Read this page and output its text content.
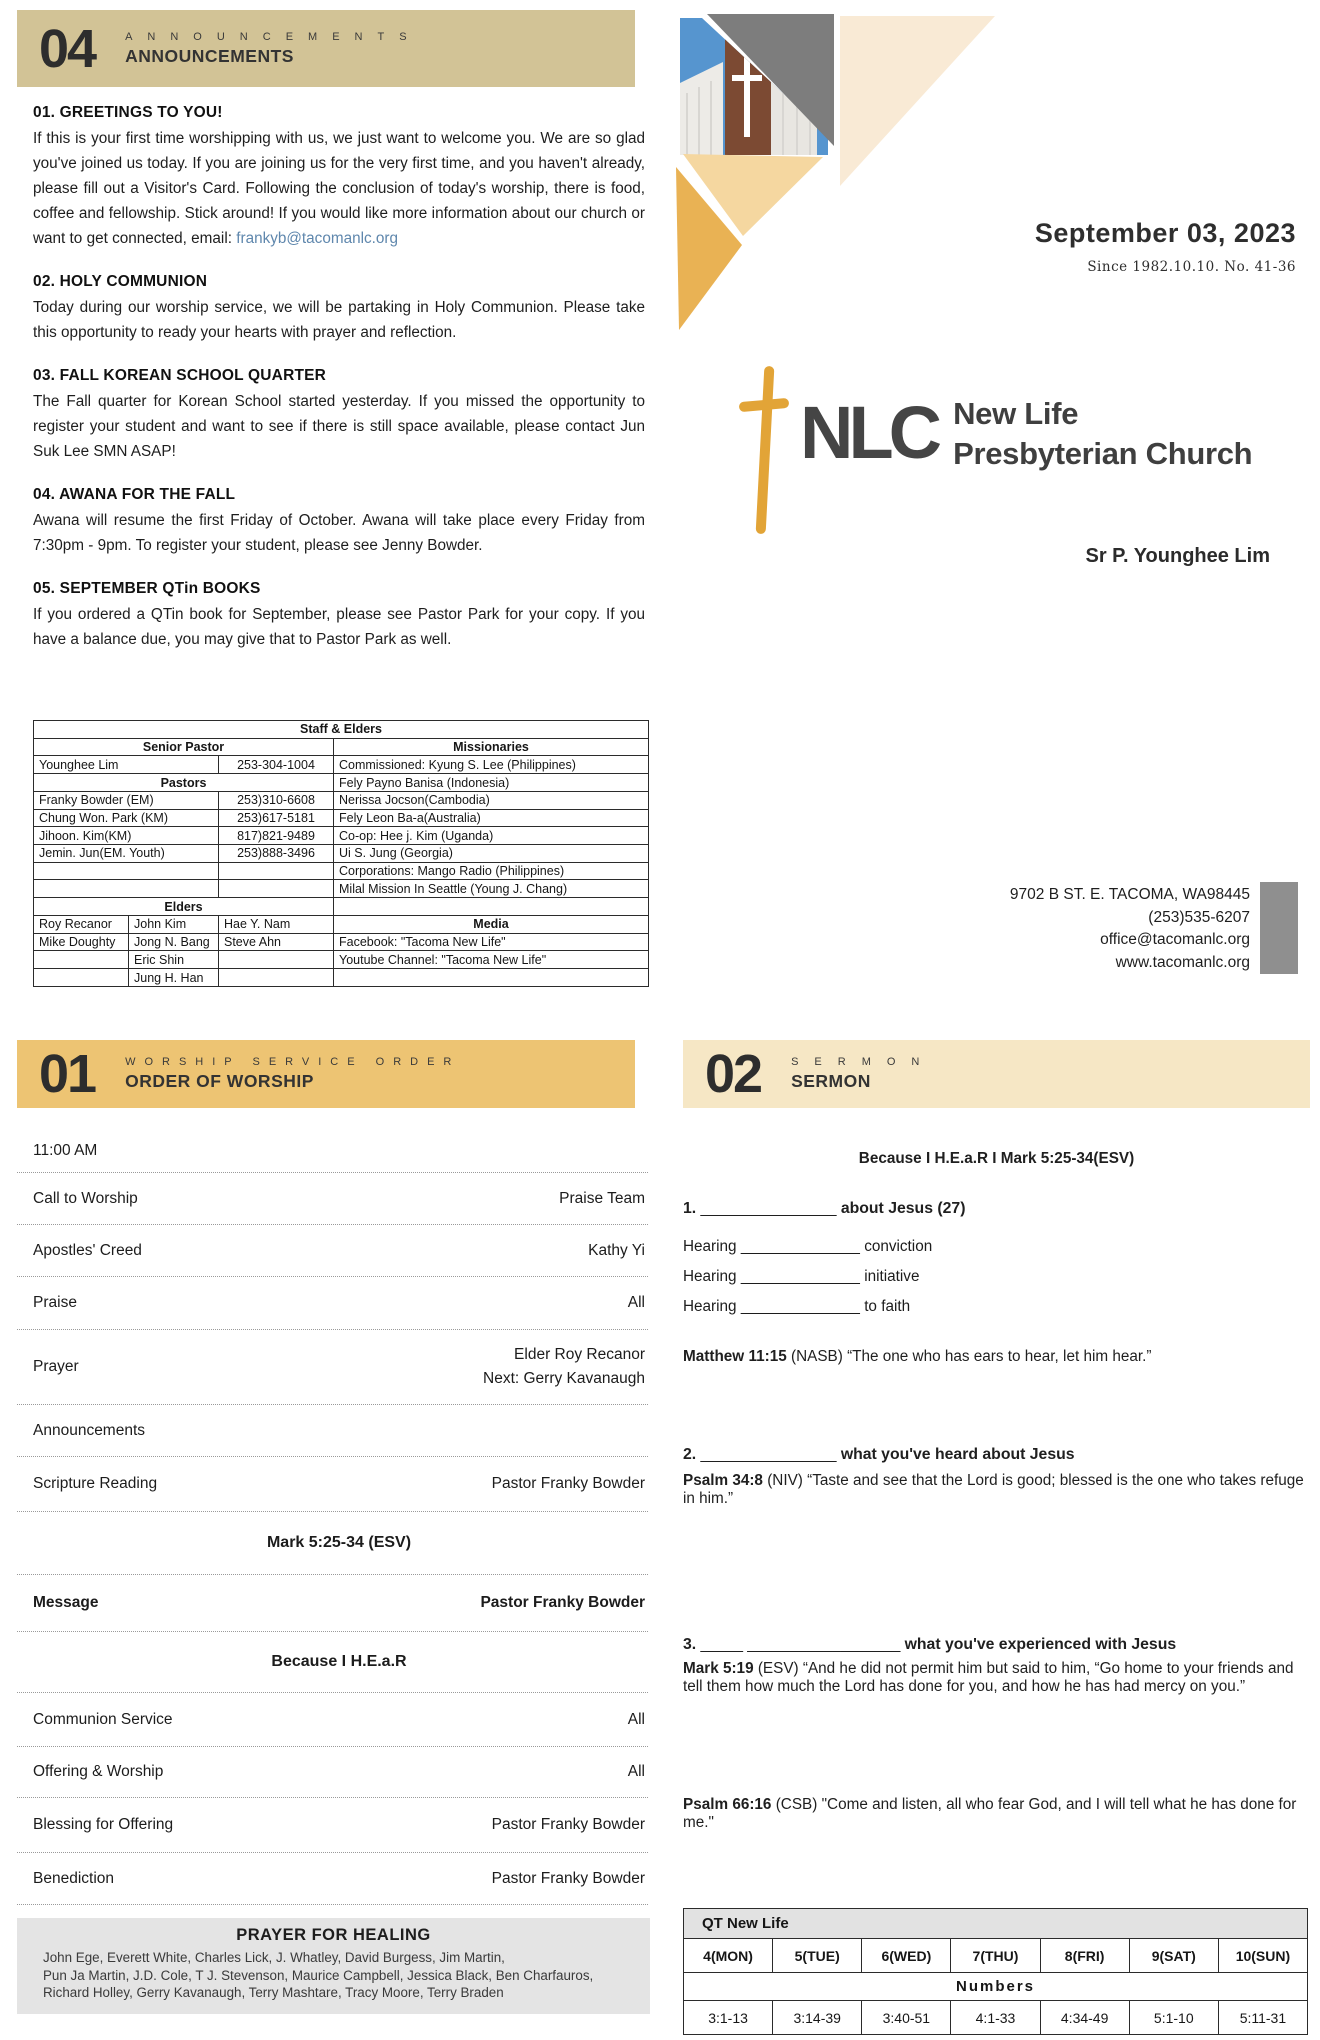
04	ANNOUNCEMENTS
ANNOUNCEMENTS
01. GREETINGS TO YOU!

If this is your first time worshipping with us, we just want to welcome you. We are so glad you've joined us today. If you are joining us for the very first time, and you haven't already, please fill out a Visitor's Card. Following the conclusion of today's worship, there is food, coffee and fellowship. Stick around! If you would like more information about our church or want to get connected, email: frankyb@tacomanlc.org

02. HOLY COMMUNION

Today during our worship service, we will be partaking in Holy Communion. Please take this opportunity to ready your hearts with prayer and reflection.

03. FALL KOREAN SCHOOL QUARTER

The Fall quarter for Korean School started yesterday. If you missed the opportunity to register your student and want to see if there is still space available, please contact Jun Suk Lee SMN ASAP!

04. AWANA FOR THE FALL

Awana will resume the first Friday of October. Awana will take place every Friday from 7:30pm - 9pm. To register your student, please see Jenny Bowder.

05. SEPTEMBER QTin BOOKS

If you ordered a QTin book for September, please see Pastor Park for your copy. If you have a balance due, you may give that to Pastor Park as well.

Staff & Elders			
Senior Pastor			Missionaries
Younghee Lim		253-304-1004	Commissioned: Kyung S. Lee (Philippines)
Pastors			Fely Payno Banisa (Indonesia)
Franky Bowder (EM)		253)310-6608	Nerissa Jocson(Cambodia)
Chung Won. Park (KM)		253)617-5181	Fely Leon Ba-a(Australia)
Jihoon. Kim(KM)		817)821-9489	Co-op: Hee j. Kim (Uganda)
Jemin. Jun(EM. Youth)		253)888-3496	Ui S. Jung (Georgia)
			Corporations: Mango Radio (Philippines)
			Milal Mission In Seattle (Young J. Chang)
Elders			
Roy Recanor	John Kim	Hae Y. Nam	Media
Mike Doughty	Jong N. Bang	Steve Ahn	Facebook: "Tacoma New Life"
	Eric Shin		Youtube Channel: "Tacoma New Life"
	Jung H. Han		
01	WORSHIP SERVICE ORDER
ORDER OF WORSHIP
11:00 AM
Call to Worship	Praise Team
Apostles' Creed	Kathy Yi
Praise	All
Prayer
Elder Roy Recanor
Next: Gerry Kavanaugh
Announcements
Scripture Reading	Pastor Franky Bowder
Mark 5:25-34 (ESV)
Message	Pastor Franky Bowder
Because I H.E.a.R
Communion Service	All
Offering & Worship	All
Blessing for Offering	Pastor Franky Bowder
Benediction	Pastor Franky Bowder
PRAYER FOR HEALING
John Ege, Everett White, Charles Lick, J. Whatley, David Burgess, Jim Martin,
Pun Ja Martin, J.D. Cole, T J. Stevenson, Maurice Campbell, Jessica Black, Ben Charfauros,
Richard Holley, Gerry Kavanaugh, Terry Mashtare, Tracy Moore, Terry Braden
September 03, 2023
Since 1982.10.10. No. 41-36
NLC New Life
Presbyterian Church
Sr P. Younghee Lim
9702 B ST. E. TACOMA, WA98445
(253)535-6207
office@tacomanlc.org
www.tacomanlc.org
02	SERMON
SERMON

Because I H.E.a.R I Mark 5:25-34(ESV)

1. ________________ about Jesus (27)

Hearing ______________ conviction

Hearing ______________ initiative

Hearing ______________ to faith

Matthew 11:15 (NASB) “The one who has ears to hear, let him hear.”

2. ________________ what you've heard about Jesus

Psalm 34:8 (NIV) “Taste and see that the Lord is good; blessed is the one who takes refuge in him.”

3. _____ __________________ what you've experienced with Jesus

Mark 5:19 (ESV) “And he did not permit him but said to him, “Go home to your friends and tell them how much the Lord has done for you, and how he has had mercy on you.”

Psalm 66:16 (CSB) "Come and listen, all who fear God, and I will tell what he has done for me."

QT New Life						
4(MON)	5(TUE)	6(WED)	7(THU)	8(FRI)	9(SAT)	10(SUN)
Numbers						
3:1-13	3:14-39	3:40-51	4:1-33	4:34-49	5:1-10	5:11-31
